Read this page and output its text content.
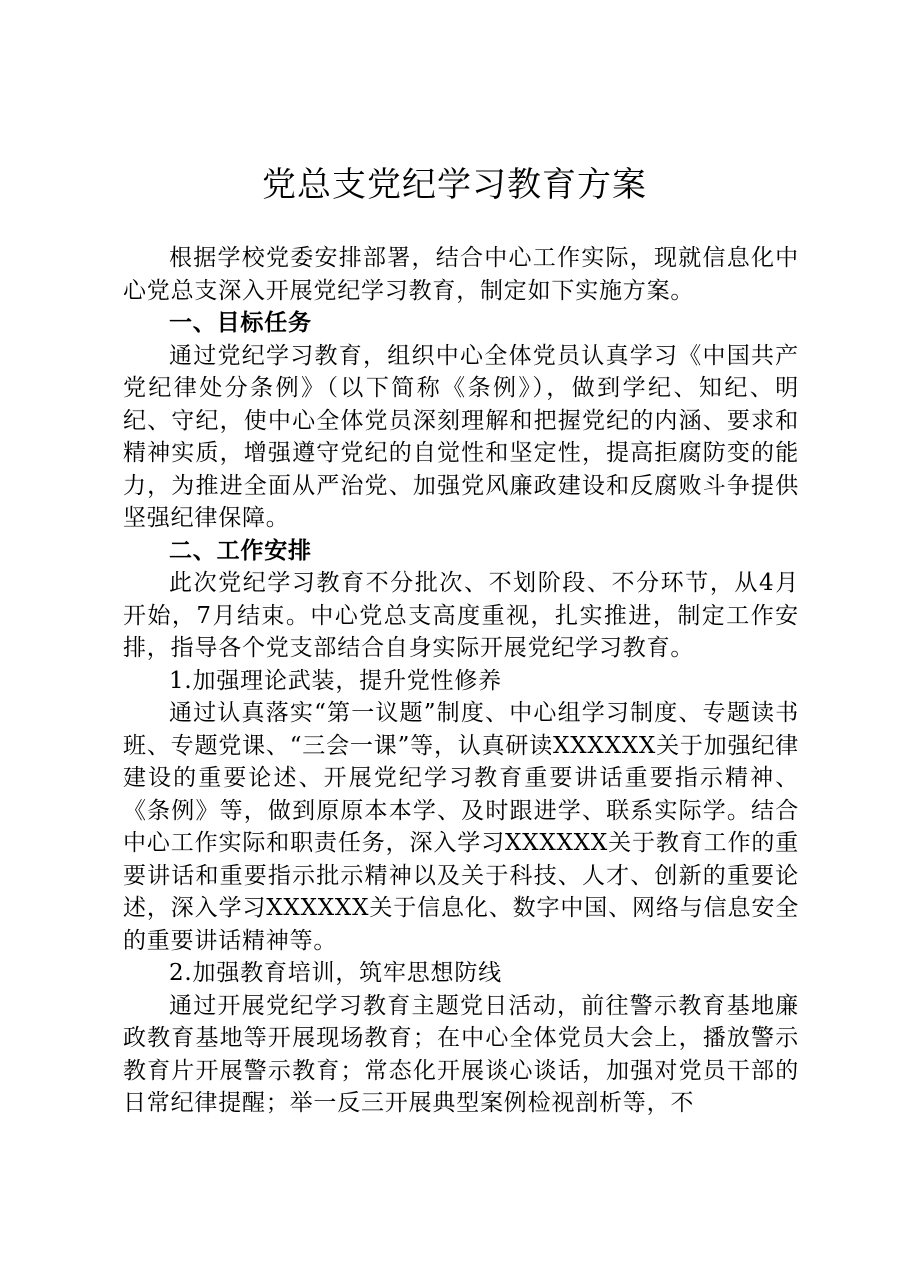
党总支党纪学习教育方案

根据学校党委安排部署，结合中心工作实际，现就信息化中心党总支深入开展党纪学习教育，制定如下实施方案。

一、目标任务

通过党纪学习教育，组织中心全体党员认真学习《中国共产党纪律处分条例》（以下简称《条例》），做到学纪、知纪、明纪、守纪，使中心全体党员深刻理解和把握党纪的内涵、要求和精神实质，增强遵守党纪的自觉性和坚定性，提高拒腐防变的能力，为推进全面从严治党、加强党风廉政建设和反腐败斗争提供坚强纪律保障。

二、工作安排

此次党纪学习教育不分批次、不划阶段、不分环节，从4月开始，7月结束。中心党总支高度重视，扎实推进，制定工作安排，指导各个党支部结合自身实际开展党纪学习教育。

1.加强理论武装，提升党性修养

通过认真落实“第一议题”制度、中心组学习制度、专题读书班、专题党课、“三会一课”等，认真研读XXXXXX关于加强纪律建设的重要论述、开展党纪学习教育重要讲话重要指示精神、《条例》等，做到原原本本学、及时跟进学、联系实际学。结合中心工作实际和职责任务，深入学习XXXXXX关于教育工作的重要讲话和重要指示批示精神以及关于科技、人才、创新的重要论述，深入学习XXXXXX关于信息化、数字中国、网络与信息安全的重要讲话精神等。

2.加强教育培训，筑牢思想防线

通过开展党纪学习教育主题党日活动，前往警示教育基地廉政教育基地等开展现场教育；在中心全体党员大会上，播放警示教育片开展警示教育；常态化开展谈心谈话，加强对党员干部的日常纪律提醒；举一反三开展典型案例检视剖析等，不
